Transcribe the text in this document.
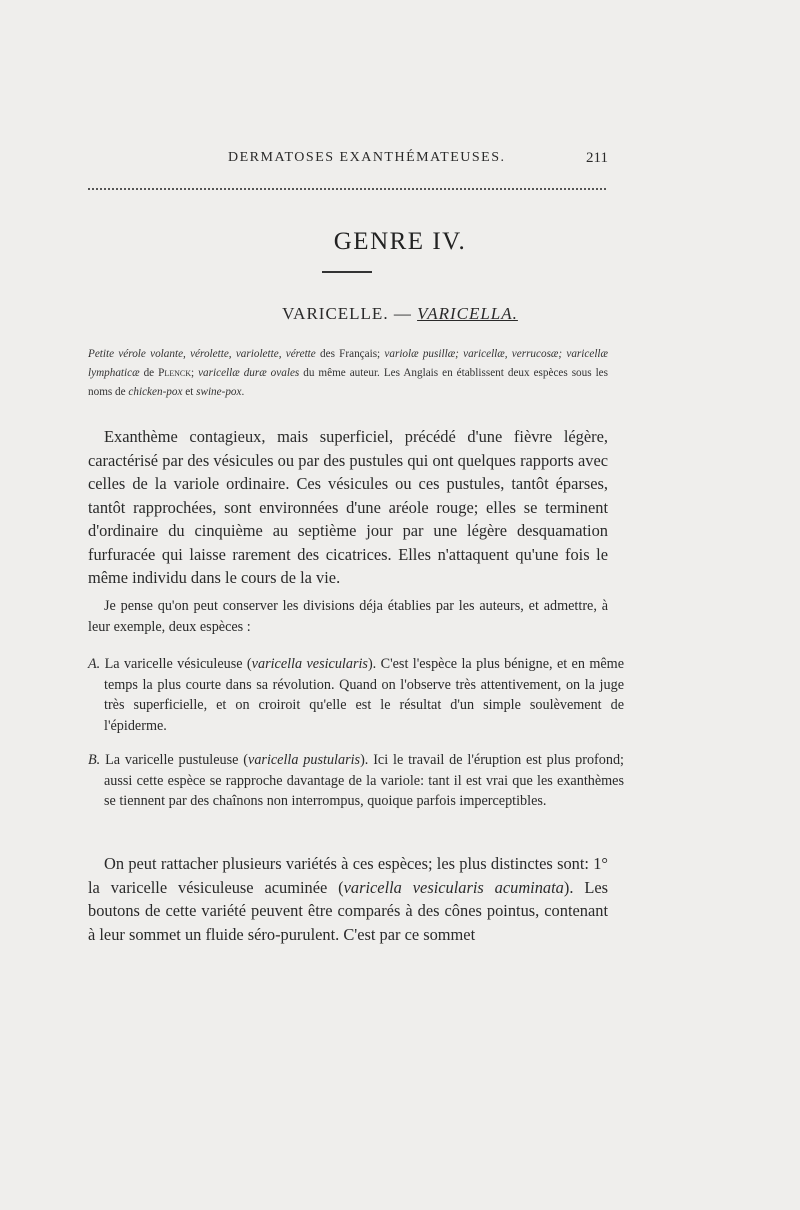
DERMATOSES EXANTHÉMATEUSES.	211
GENRE IV.
VARICELLE. — VARICELLA.
Petite vérole volante, vérolette, variolette, vérette des Français; variolæ pusillæ; varicellæ, verrucosæ; varicellæ lymphaticæ de Plenck; varicellæ duræ ovales du même auteur. Les Anglais en établissent deux espèces sous les noms de chicken-pox et swine-pox.
Exanthème contagieux, mais superficiel, précédé d'une fièvre légère, caractérisé par des vésicules ou par des pustules qui ont quelques rapports avec celles de la variole ordinaire. Ces vésicules ou ces pustules, tantôt éparses, tantôt rapprochées, sont environnées d'une aréole rouge; elles se terminent d'ordinaire du cinquième au septième jour par une légère desquamation furfuracée qui laisse rarement des cicatrices. Elles n'attaquent qu'une fois le même individu dans le cours de la vie.
Je pense qu'on peut conserver les divisions déja établies par les auteurs, et admettre, à leur exemple, deux espèces :
A. La varicelle vésiculeuse (varicella vesicularis). C'est l'espèce la plus bénigne, et en même temps la plus courte dans sa révolution. Quand on l'observe très attentivement, on la juge très superficielle, et on croiroit qu'elle est le résultat d'un simple soulèvement de l'épiderme.
B. La varicelle pustuleuse (varicella pustularis). Ici le travail de l'éruption est plus profond; aussi cette espèce se rapproche davantage de la variole: tant il est vrai que les exanthèmes se tiennent par des chaînons non interrompus, quoique parfois imperceptibles.
On peut rattacher plusieurs variétés à ces espèces; les plus distinctes sont: 1° la varicelle vésiculeuse acuminée (varicella vesicularis acuminata). Les boutons de cette variété peuvent être comparés à des cônes pointus, contenant à leur sommet un fluide séro-purulent. C'est par ce sommet
